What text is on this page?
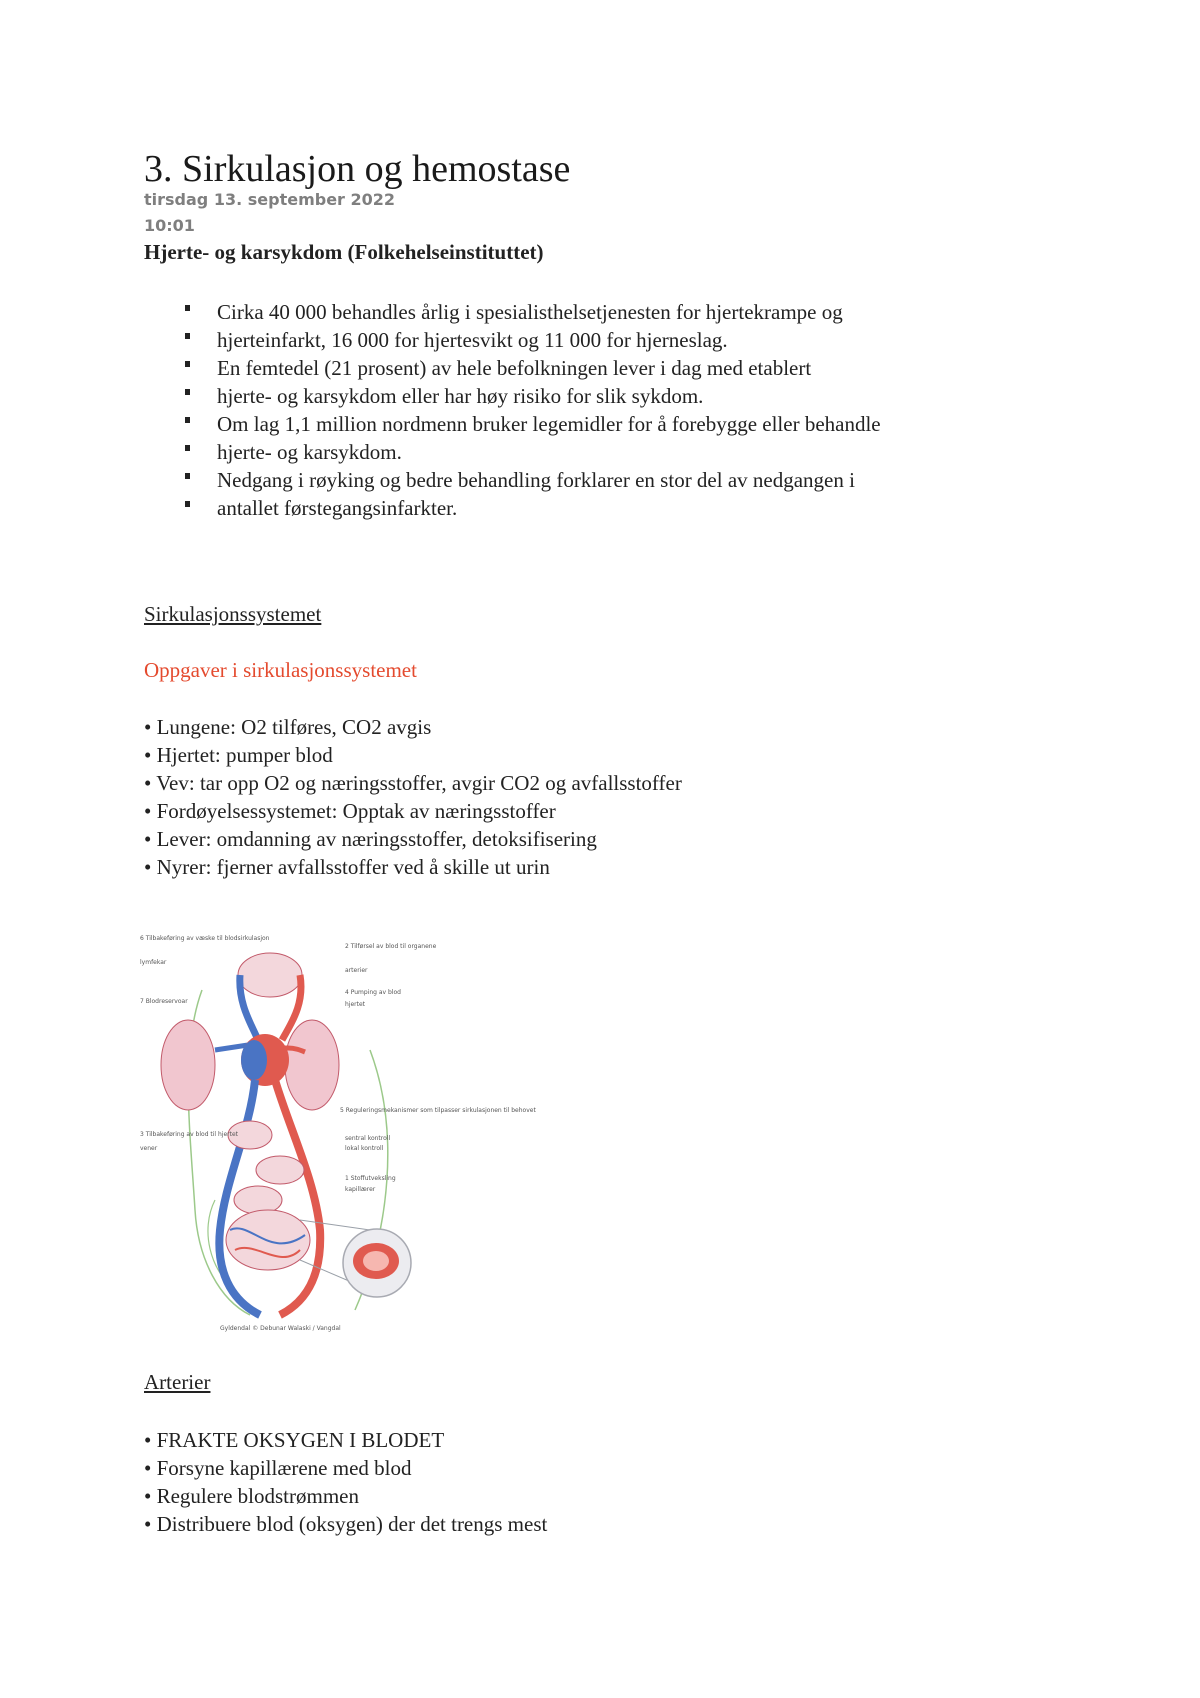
3. Sirkulasjon og hemostase
tirsdag 13. september 2022
10:01
Hjerte- og karsykdom (Folkehelseinstituttet)
Cirka 40 000 behandles årlig i spesialisthelsetjenesten for hjertekrampe og
hjerteinfarkt, 16 000 for hjertesvikt og 11 000 for hjerneslag.
En femtedel (21 prosent) av hele befolkningen lever i dag med etablert
hjerte- og karsykdom eller har høy risiko for slik sykdom.
Om lag 1,1 million nordmenn bruker legemidler for å forebygge eller behandle
hjerte- og karsykdom.
Nedgang i røyking og bedre behandling forklarer en stor del av nedgangen i
antallet førstegangsinfarkter.
Sirkulasjonssystemet
Oppgaver i sirkulasjonssystemet
• Lungene: O2 tilføres, CO2 avgis
• Hjertet: pumper blod
• Vev: tar opp O2 og næringsstoffer, avgir CO2 og avfallsstoffer
• Fordøyelsessystemet: Opptak av næringsstoffer
• Lever: omdanning av næringsstoffer, detoksifisering
• Nyrer: fjerner avfallsstoffer ved å skille ut urin
6 Tilbakeføring av væske til blodsirkulasjon
lymfekar
7 Blodreservoar
3 Tilbakeføring av blod til hjertet
vener
2 Tilførsel av blod til organene
arterier
4 Pumping av blod
hjertet
5 Reguleringsmekanismer som tilpasser sirkulasjonen til behovet
sentral kontroll
lokal kontroll
1 Stoffutveksling
kapillærer
Gyldendal © Debunar Walaski / Vangdal
Arterier
• FRAKTE OKSYGEN I BLODET
• Forsyne kapillærene med blod
• Regulere blodstrømmen
• Distribuere blod (oksygen) der det trengs mest
